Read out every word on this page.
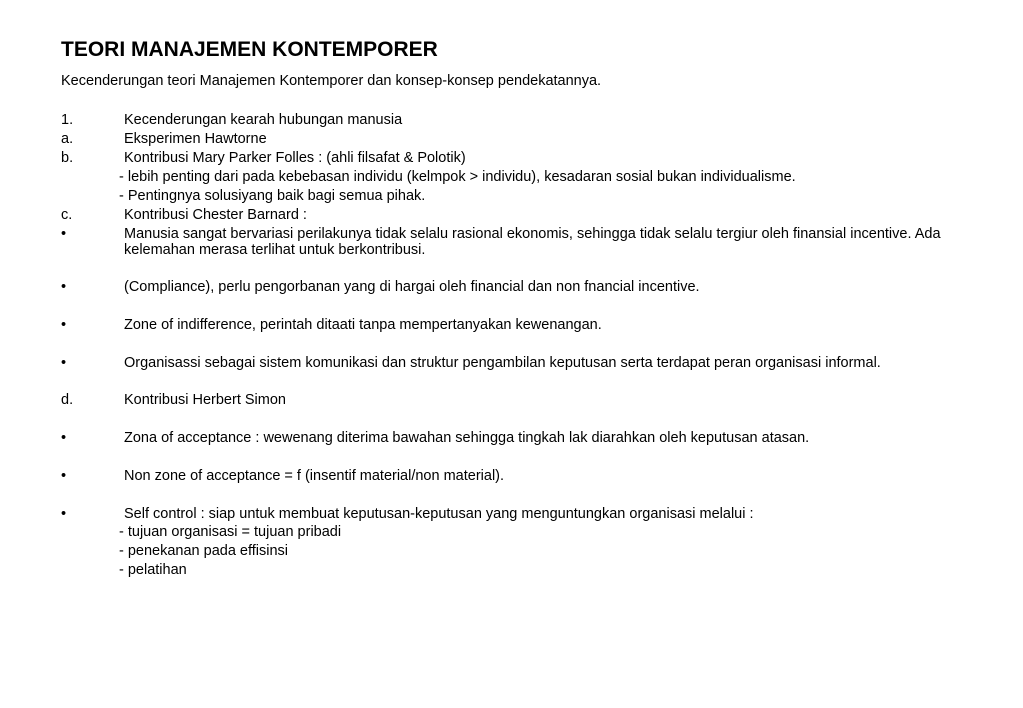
TEORI MANAJEMEN KONTEMPORER
Kecenderungan teori Manajemen Kontemporer dan konsep-konsep pendekatannya.
1.	Kecenderungan kearah hubungan manusia
a.	Eksperimen Hawtorne
b.	Kontribusi Mary Parker Folles : (ahli filsafat & Polotik)
- lebih penting dari pada kebebasan individu (kelmpok > individu), kesadaran sosial bukan individualisme.
- Pentingnya solusiyang baik bagi semua pihak.
c.	Kontribusi Chester Barnard :
•	Manusia sangat bervariasi perilakunya tidak selalu rasional ekonomis, sehingga tidak selalu tergiur oleh finansial incentive. Ada kelemahan merasa terlihat untuk berkontribusi.
•	(Compliance), perlu pengorbanan yang di hargai oleh financial dan non fnancial incentive.
•	Zone of indifference, perintah ditaati tanpa mempertanyakan kewenangan.
•	Organisassi sebagai sistem komunikasi dan struktur pengambilan keputusan serta terdapat peran organisasi informal.
d.	Kontribusi Herbert Simon
•	Zona of acceptance : wewenang diterima bawahan sehingga tingkah lak diarahkan oleh keputusan atasan.
•	Non zone of acceptance = f (insentif material/non material).
•	Self control : siap untuk membuat keputusan-keputusan yang menguntungkan organisasi melalui :
- tujuan organisasi = tujuan pribadi
- penekanan pada effisinsi
- pelatihan
